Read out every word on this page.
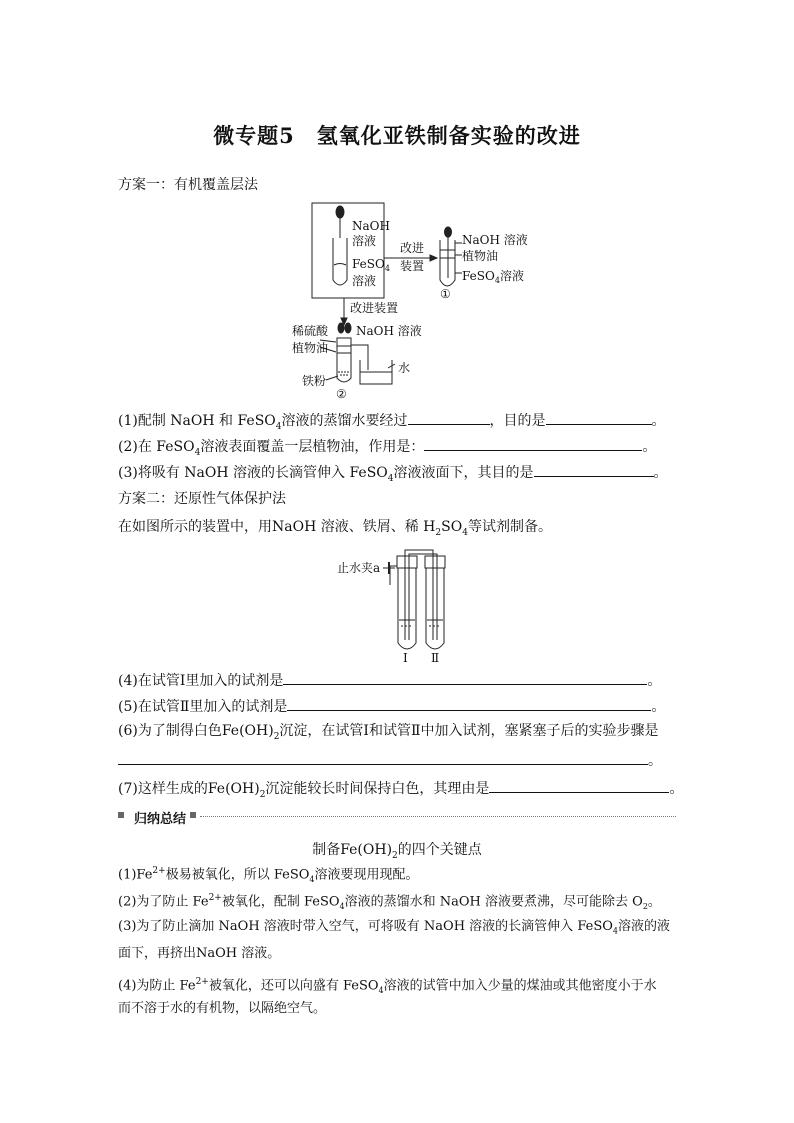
微专题5　氢氧化亚铁制备实验的改进
方案一：有机覆盖层法
NaOH
溶液
FeSO$_4$
溶液
改进
装置
NaOH 溶液
植物油
FeSO$_4$溶液
①
改进装置
稀硫酸
植物油
NaOH 溶液
水
铁粉
②
(1)配制 NaOH 和 FeSO$_4$溶液的蒸馏水要经过	，目的是	。
(2)在 FeSO$_4$溶液表面覆盖一层植物油，作用是：	。
(3)将吸有 NaOH 溶液的长滴管伸入 FeSO$_4$溶液液面下，其目的是	。
方案二：还原性气体保护法
在如图所示的装置中，用NaOH 溶液、铁屑、稀 $H_2SO_4$等试剂制备。
止水夹a
Ⅰ Ⅱ
(4)在试管Ⅰ里加入的试剂是	。
(5)在试管Ⅱ里加入的试剂是	。
(6)为了制得白色$Fe(OH)_2$沉淀，在试管Ⅰ和试管Ⅱ中加入试剂，塞紧塞子后的实验步骤是
。
(7)这样生成的$Fe(OH)_2$沉淀能较长时间保持白色，其理由是	。
归纳总结
制备$Fe(OH)_2$的四个关键点
$(1)Fe^{2+}$极易被氧化，所以 FeSO$_4$溶液要现用现配。
(2)为了防止 $Fe^{2+}$被氧化，配制 FeSO$_4$溶液的蒸馏水和 NaOH 溶液要煮沸，尽可能除去 $O_2$。
(3)为了防止滴加 NaOH 溶液时带入空气，可将吸有 NaOH 溶液的长滴管伸入 FeSO$_4$溶液的液
面下，再挤出NaOH 溶液。
(4)为防止 $Fe^{2+}$被氧化，还可以向盛有 FeSO$_4$溶液的试管中加入少量的煤油或其他密度小于水
而不溶于水的有机物，以隔绝空气。
